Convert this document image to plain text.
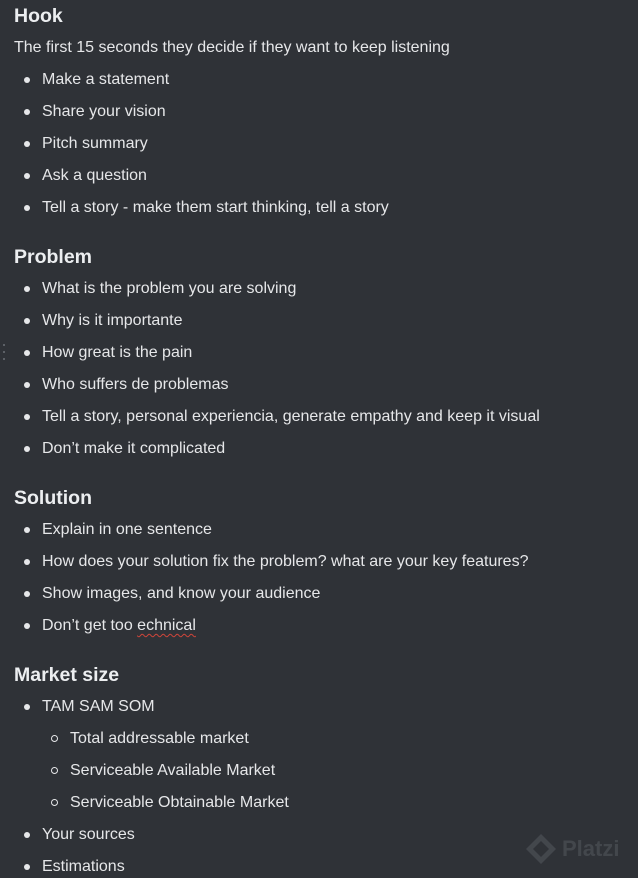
Hook
The first 15 seconds they decide if they want to keep listening
Make a statement
Share your vision
Pitch summary
Ask a question
Tell a story - make them start thinking, tell a story
Problem
What is the problem you are solving
Why is it importante
How great is the pain
Who suffers de problemas
Tell a story, personal experiencia, generate empathy and keep it visual
Don’t make it complicated
Solution
Explain in one sentence
How does your solution fix the problem? what are your key features?
Show images, and know your audience
Don’t get too echnical
Market size
TAM SAM SOM
Total addressable market
Serviceable Available Market
Serviceable Obtainable Market
Your sources
Estimations
Platzi
